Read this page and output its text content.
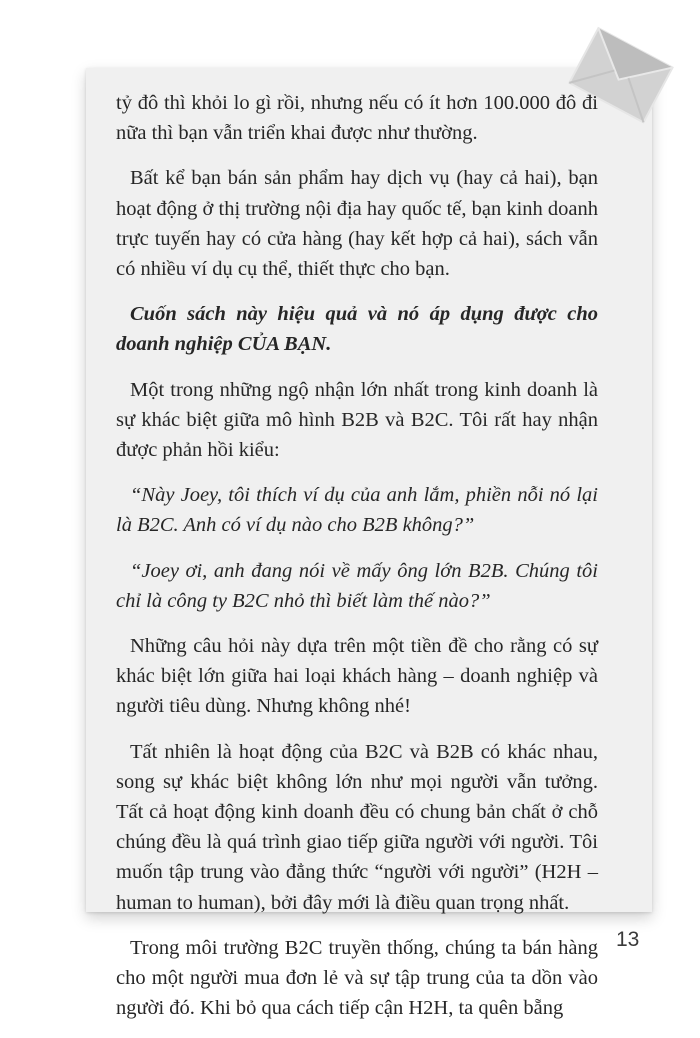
tỷ đô thì khỏi lo gì rồi, nhưng nếu có ít hơn 100.000 đô đi nữa thì bạn vẫn triển khai được như thường.

Bất kể bạn bán sản phẩm hay dịch vụ (hay cả hai), bạn hoạt động ở thị trường nội địa hay quốc tế, bạn kinh doanh trực tuyến hay có cửa hàng (hay kết hợp cả hai), sách vẫn có nhiều ví dụ cụ thể, thiết thực cho bạn.

Cuốn sách này hiệu quả và nó áp dụng được cho doanh nghiệp CỦA BẠN.

Một trong những ngộ nhận lớn nhất trong kinh doanh là sự khác biệt giữa mô hình B2B và B2C. Tôi rất hay nhận được phản hồi kiểu:

“Này Joey, tôi thích ví dụ của anh lắm, phiền nỗi nó lại là B2C. Anh có ví dụ nào cho B2B không?”

“Joey ơi, anh đang nói về mấy ông lớn B2B. Chúng tôi chỉ là công ty B2C nhỏ thì biết làm thế nào?”

Những câu hỏi này dựa trên một tiền đề cho rằng có sự khác biệt lớn giữa hai loại khách hàng – doanh nghiệp và người tiêu dùng. Nhưng không nhé!

Tất nhiên là hoạt động của B2C và B2B có khác nhau, song sự khác biệt không lớn như mọi người vẫn tưởng. Tất cả hoạt động kinh doanh đều có chung bản chất ở chỗ chúng đều là quá trình giao tiếp giữa người với người. Tôi muốn tập trung vào đẳng thức “người với người” (H2H – human to human), bởi đây mới là điều quan trọng nhất.

Trong môi trường B2C truyền thống, chúng ta bán hàng cho một người mua đơn lẻ và sự tập trung của ta dồn vào người đó. Khi bỏ qua cách tiếp cận H2H, ta quên bẵng

13
